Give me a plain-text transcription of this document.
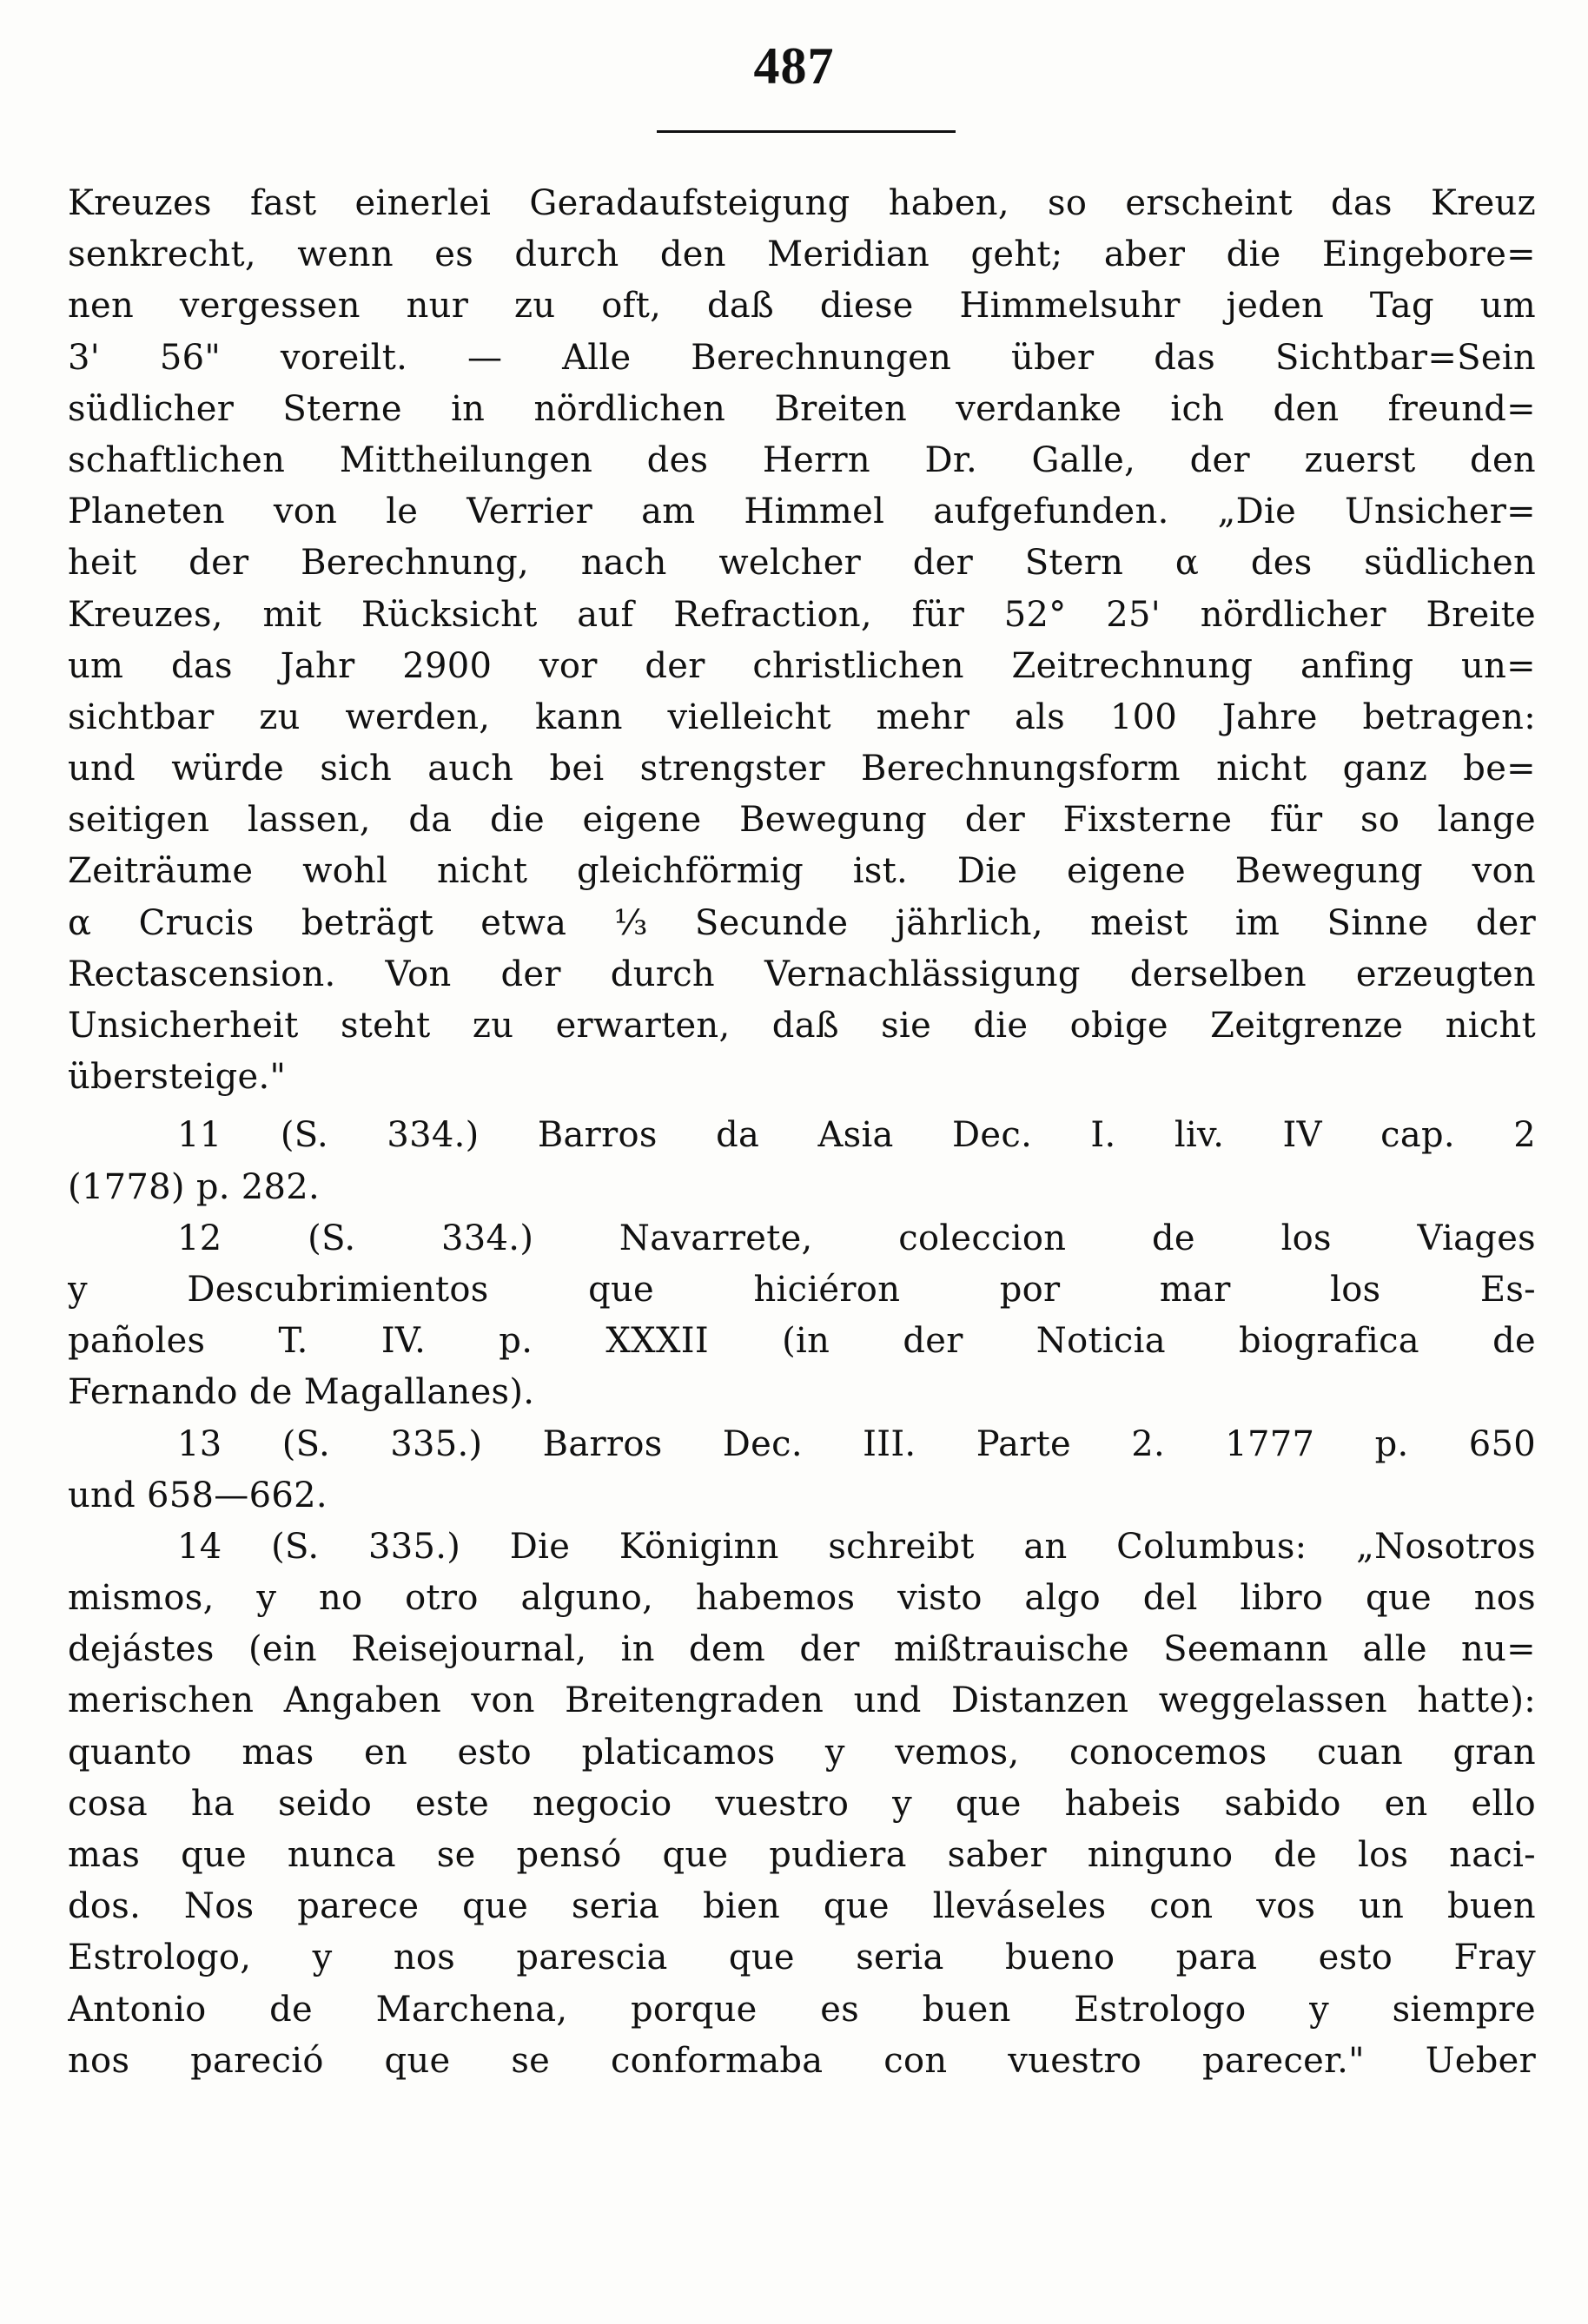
487
Kreuzes fast einerlei Geradaufsteigung haben, so erscheint das Kreuz
senkrecht, wenn es durch den Meridian geht; aber die Eingebore=
nen vergessen nur zu oft, daß diese Himmelsuhr jeden Tag um
3' 56" voreilt. — Alle Berechnungen über das Sichtbar=Sein
südlicher Sterne in nördlichen Breiten verdanke ich den freund=
schaftlichen Mittheilungen des Herrn Dr. Galle, der zuerst den
Planeten von le Verrier am Himmel aufgefunden. „Die Unsicher=
heit der Berechnung, nach welcher der Stern α des südlichen
Kreuzes, mit Rücksicht auf Refraction, für 52° 25' nördlicher Breite
um das Jahr 2900 vor der christlichen Zeitrechnung anfing un=
sichtbar zu werden, kann vielleicht mehr als 100 Jahre betragen:
und würde sich auch bei strengster Berechnungsform nicht ganz be=
seitigen lassen, da die eigene Bewegung der Fixsterne für so lange
Zeiträume wohl nicht gleichförmig ist. Die eigene Bewegung von
α Crucis beträgt etwa ⅓ Secunde jährlich, meist im Sinne der
Rectascension. Von der durch Vernachlässigung derselben erzeugten
Unsicherheit steht zu erwarten, daß sie die obige Zeitgrenze nicht
übersteige."
11 (S. 334.) Barros da Asia Dec. I. liv. IV cap. 2
(1778) p. 282.
12 (S. 334.) Navarrete, coleccion de los Viages
y Descubrimientos que hiciéron por mar los Es-
pañoles T. IV. p. XXXII (in der Noticia biografica de
Fernando de Magallanes).
13 (S. 335.) Barros Dec. III. Parte 2. 1777 p. 650
und 658—662.
14 (S. 335.) Die Königinn schreibt an Columbus: „Nosotros
mismos, y no otro alguno, habemos visto algo del libro que nos
dejástes (ein Reisejournal, in dem der mißtrauische Seemann alle nu=
merischen Angaben von Breitengraden und Distanzen weggelassen hatte):
quanto mas en esto platicamos y vemos, conocemos cuan gran
cosa ha seido este negocio vuestro y que habeis sabido en ello
mas que nunca se pensó que pudiera saber ninguno de los naci-
dos. Nos parece que seria bien que lleváseles con vos un buen
Estrologo, y nos parescia que seria bueno para esto Fray
Antonio de Marchena, porque es buen Estrologo y siempre
nos pareció que se conformaba con vuestro parecer." Ueber
